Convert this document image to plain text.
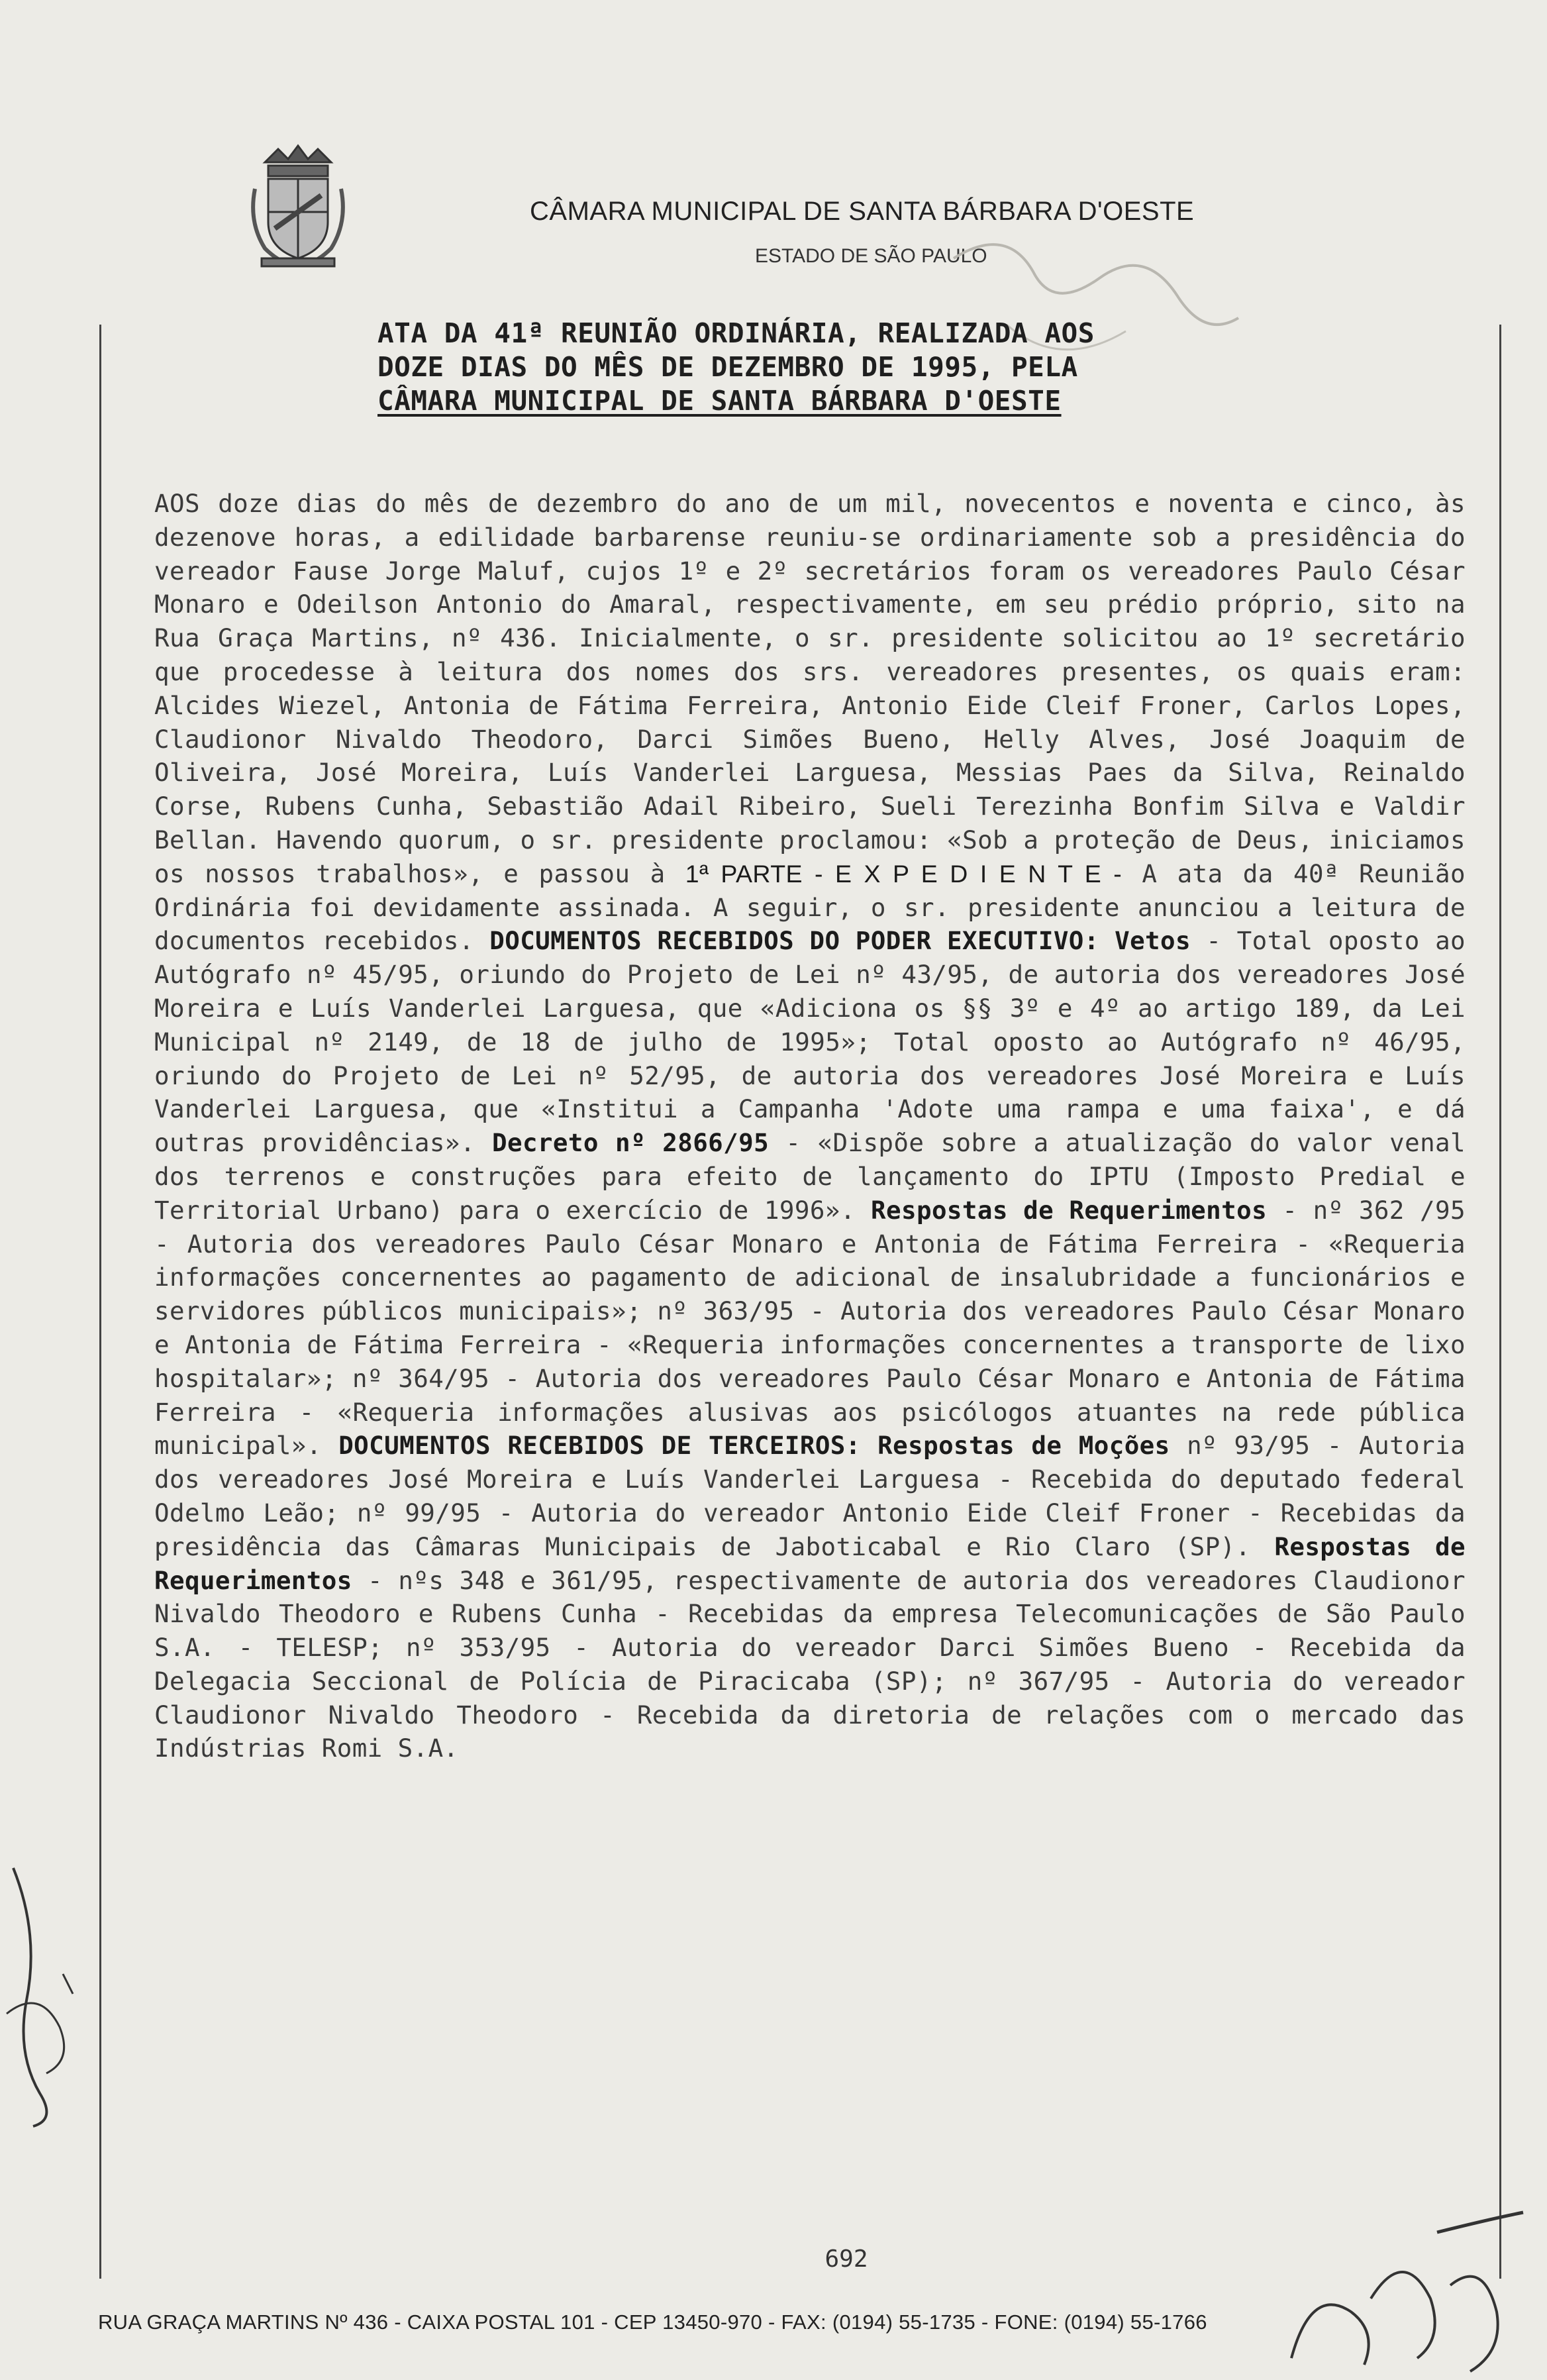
CÂMARA MUNICIPAL DE SANTA BÁRBARA D'OESTE
ESTADO DE SÃO PAULO
ATA DA 41ª REUNIÃO ORDINÁRIA, REALIZADA AOS
DOZE DIAS DO MÊS DE DEZEMBRO DE 1995, PELA
CÂMARA MUNICIPAL DE SANTA BÁRBARA D'OESTE
AOS doze dias do mês de dezembro do ano de um mil, novecentos e noventa e cinco, às dezenove horas, a edilidade barbarense reuniu-se ordinariamente sob a presidência do vereador Fause Jorge Maluf, cujos 1º e 2º secretários foram os vereadores Paulo César Monaro e Odeilson Antonio do Amaral, respectivamente, em seu prédio próprio, sito na Rua Graça Martins, nº 436. Inicialmente, o sr. presidente solicitou ao 1º secretário que procedesse à leitura dos nomes dos srs. vereadores presentes, os quais eram: Alcides Wiezel, Antonia de Fátima Ferreira, Antonio Eide Cleif Froner, Carlos Lopes, Claudionor Nivaldo Theodoro, Darci Simões Bueno, Helly Alves, José Joaquim de Oliveira, José Moreira, Luís Vanderlei Larguesa, Messias Paes da Silva, Reinaldo Corse, Rubens Cunha, Sebastião Adail Ribeiro, Sueli Terezinha Bonfim Silva e Valdir Bellan. Havendo quorum, o sr. presidente proclamou: «Sob a proteção de Deus, iniciamos os nossos trabalhos», e passou à 1ª PARTE - E X P E D I E N T E - A ata da 40ª Reunião Ordinária foi devidamente assinada. A seguir, o sr. presidente anunciou a leitura de documentos recebidos. DOCUMENTOS RECEBIDOS DO PODER EXECUTIVO: Vetos - Total oposto ao Autógrafo nº 45/95, oriundo do Projeto de Lei nº 43/95, de autoria dos vereadores José Moreira e Luís Vanderlei Larguesa, que «Adiciona os §§ 3º e 4º ao artigo 189, da Lei Municipal nº 2149, de 18 de julho de 1995»; Total oposto ao Autógrafo nº 46/95, oriundo do Projeto de Lei nº 52/95, de autoria dos vereadores José Moreira e Luís Vanderlei Larguesa, que «Institui a Campanha 'Adote uma rampa e uma faixa', e dá outras providências». Decreto nº 2866/95 - «Dispõe sobre a atualização do valor venal dos terrenos e construções para efeito de lançamento do IPTU (Imposto Predial e Territorial Urbano) para o exercício de 1996». Respostas de Requerimentos - nº 362 /95 - Autoria dos vereadores Paulo César Monaro e Antonia de Fátima Ferreira - «Requeria informações concernentes ao pagamento de adicional de insalubridade a funcionários e servidores públicos municipais»; nº 363/95 - Autoria dos vereadores Paulo César Monaro e Antonia de Fátima Ferreira - «Requeria informações concernentes a transporte de lixo hospitalar»; nº 364/95 - Autoria dos vereadores Paulo César Monaro e Antonia de Fátima Ferreira - «Requeria informações alusivas aos psicólogos atuantes na rede pública municipal». DOCUMENTOS RECEBIDOS DE TERCEIROS: Respostas de Moções nº 93/95 - Autoria dos vereadores José Moreira e Luís Vanderlei Larguesa - Recebida do deputado federal Odelmo Leão; nº 99/95 - Autoria do vereador Antonio Eide Cleif Froner - Recebidas da presidência das Câmaras Municipais de Jaboticabal e Rio Claro (SP). Respostas de Requerimentos - nºs 348 e 361/95, respectivamente de autoria dos vereadores Claudionor Nivaldo Theodoro e Rubens Cunha - Recebidas da empresa Telecomunicações de São Paulo S.A. - TELESP; nº 353/95 - Autoria do vereador Darci Simões Bueno - Recebida da Delegacia Seccional de Polícia de Piracicaba (SP); nº 367/95 - Autoria do vereador Claudionor Nivaldo Theodoro - Recebida da diretoria de relações com o mercado das Indústrias Romi S.A.
692
RUA GRAÇA MARTINS Nº 436 - CAIXA POSTAL 101 - CEP 13450-970 - FAX: (0194) 55-1735 - FONE: (0194) 55-1766
